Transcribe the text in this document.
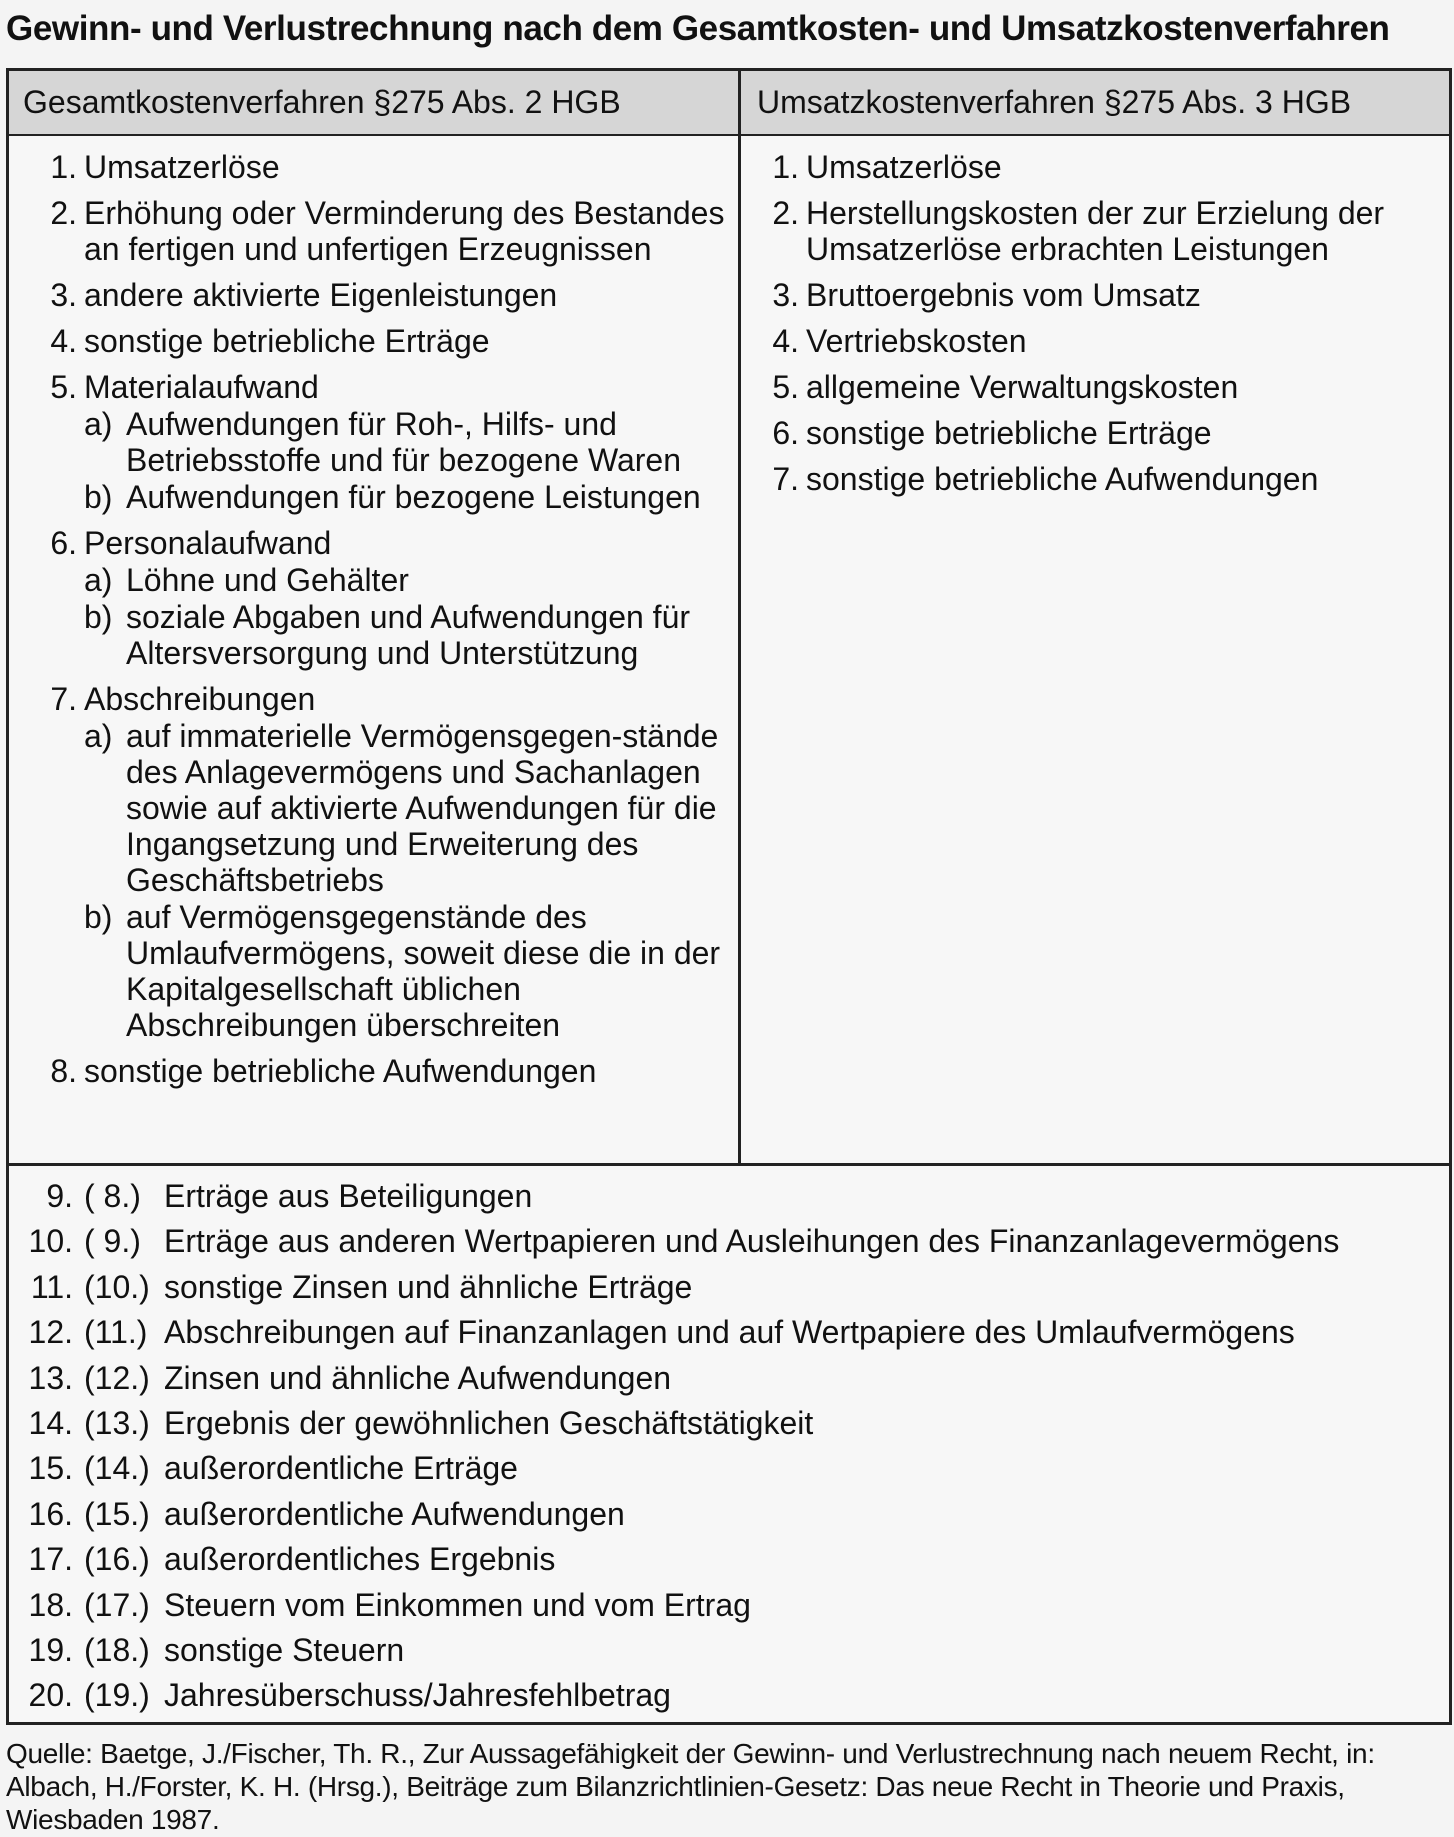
Gewinn- und Verlustrechnung nach dem Gesamtkosten- und Umsatzkostenverfahren
Gesamtkostenverfahren §275 Abs. 2 HGB	Umsatzkostenverfahren §275 Abs. 3 HGB
1. Umsatzerlöse
2. Erhöhung oder Verminderung des Bestandes an fertigen und unfertigen Erzeugnissen
3. andere aktivierte Eigenleistungen
4. sonstige betriebliche Erträge
5. Materialaufwand
a) Aufwendungen für Roh-, Hilfs- und Betriebsstoffe und für bezogene Waren
b) Aufwendungen für bezogene Leistungen
6. Personalaufwand
a) Löhne und Gehälter
b) soziale Abgaben und Aufwendungen für Altersversorgung und Unterstützung
7. Abschreibungen
a) auf immaterielle Vermögensgegen-stände des Anlagevermögens und Sachanlagen sowie auf aktivierte Aufwendungen für die Ingangsetzung und Erweiterung des Geschäftsbetriebs
b) auf Vermögensgegenstände des Umlaufvermögens, soweit diese die in der Kapitalgesellschaft üblichen Abschreibungen überschreiten
8. sonstige betriebliche Aufwendungen
1. Umsatzerlöse
2. Herstellungskosten der zur Erzielung der Umsatzerlöse erbrachten Leistungen
3. Bruttoergebnis vom Umsatz
4. Vertriebskosten
5. allgemeine Verwaltungskosten
6. sonstige betriebliche Erträge
7. sonstige betriebliche Aufwendungen
9. ( 8.) Erträge aus Beteiligungen
10. ( 9.) Erträge aus anderen Wertpapieren und Ausleihungen des Finanzanlagevermögens
11. (10.) sonstige Zinsen und ähnliche Erträge
12. (11.) Abschreibungen auf Finanzanlagen und auf Wertpapiere des Umlaufvermögens
13. (12.) Zinsen und ähnliche Aufwendungen
14. (13.) Ergebnis der gewöhnlichen Geschäftstätigkeit
15. (14.) außerordentliche Erträge
16. (15.) außerordentliche Aufwendungen
17. (16.) außerordentliches Ergebnis
18. (17.) Steuern vom Einkommen und vom Ertrag
19. (18.) sonstige Steuern
20. (19.) Jahresüberschuss/Jahresfehlbetrag
Quelle: Baetge, J./Fischer, Th. R., Zur Aussagefähigkeit der Gewinn- und Verlustrechnung nach neuem Recht, in: Albach, H./Forster, K. H. (Hrsg.), Beiträge zum Bilanzrichtlinien-Gesetz: Das neue Recht in Theorie und Praxis, Wiesbaden 1987.
